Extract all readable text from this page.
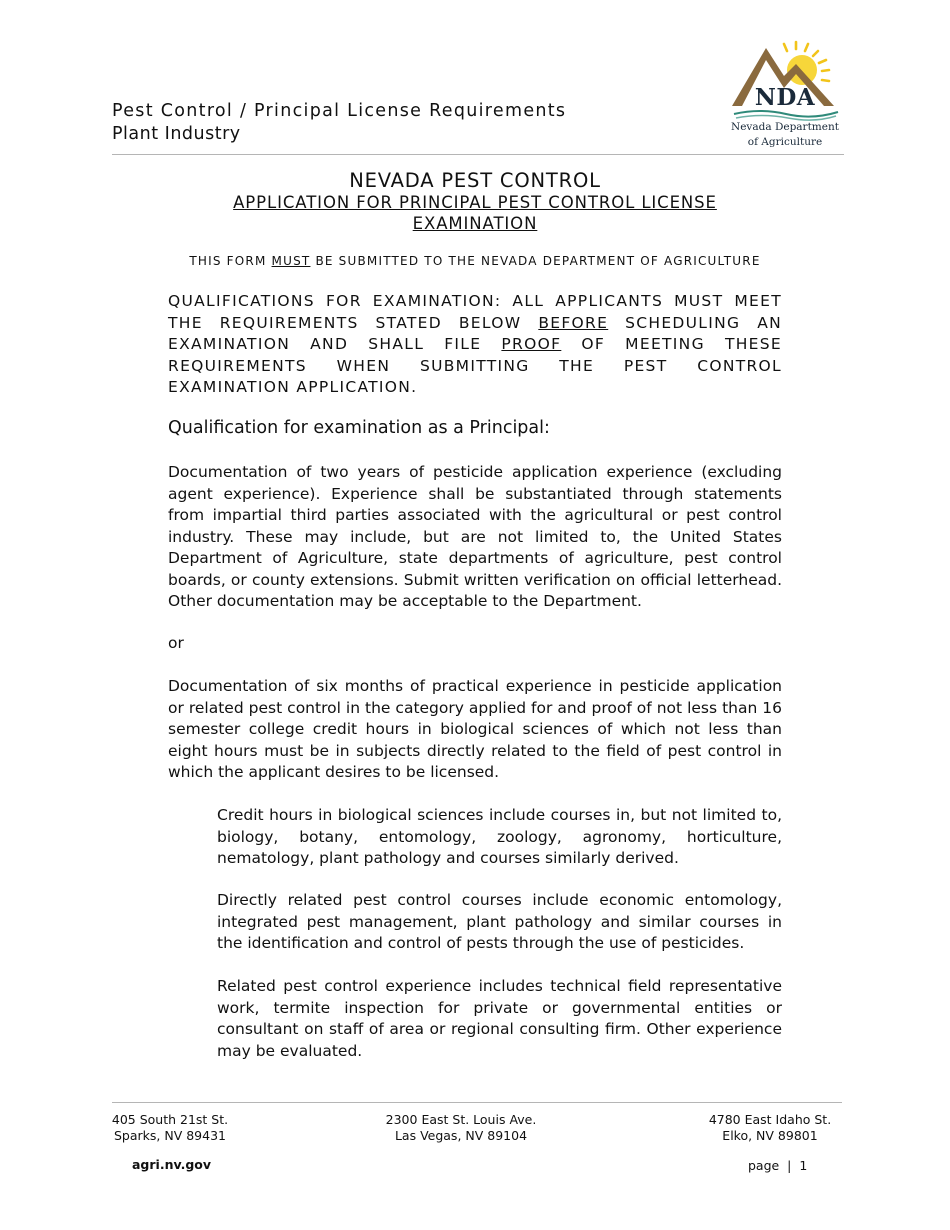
Pest Control / Principal License Requirements
Plant Industry
NDA
Nevada Department
of Agriculture
NEVADA PEST CONTROL
APPLICATION FOR PRINCIPAL PEST CONTROL LICENSE
EXAMINATION
THIS FORM MUST BE SUBMITTED TO THE NEVADA DEPARTMENT OF AGRICULTURE
QUALIFICATIONS FOR EXAMINATION: ALL APPLICANTS MUST MEET THE REQUIREMENTS STATED BELOW BEFORE SCHEDULING AN EXAMINATION AND SHALL FILE PROOF OF MEETING THESE REQUIREMENTS WHEN SUBMITTING THE PEST CONTROL EXAMINATION APPLICATION.
Qualification for examination as a Principal:
Documentation of two years of pesticide application experience (excluding agent experience). Experience shall be substantiated through statements from impartial third parties associated with the agricultural or pest control industry. These may include, but are not limited to, the United States Department of Agriculture, state departments of agriculture, pest control boards, or county extensions. Submit written verification on official letterhead. Other documentation may be acceptable to the Department.
or
Documentation of six months of practical experience in pesticide application or related pest control in the category applied for and proof of not less than 16 semester college credit hours in biological sciences of which not less than eight hours must be in subjects directly related to the field of pest control in which the applicant desires to be licensed.
Credit hours in biological sciences include courses in, but not limited to, biology, botany, entomology, zoology, agronomy, horticulture, nematology, plant pathology and courses similarly derived.
Directly related pest control courses include economic entomology, integrated pest management, plant pathology and similar courses in the identification and control of pests through the use of pesticides.
Related pest control experience includes technical field representative work, termite inspection for private or governmental entities or consultant on staff of area or regional consulting firm. Other experience may be evaluated.
405 South 21st St.
Sparks, NV 89431
2300 East St. Louis Ave.
Las Vegas, NV 89104
4780 East Idaho St.
Elko, NV 89801
agri.nv.gov	page  |  1
